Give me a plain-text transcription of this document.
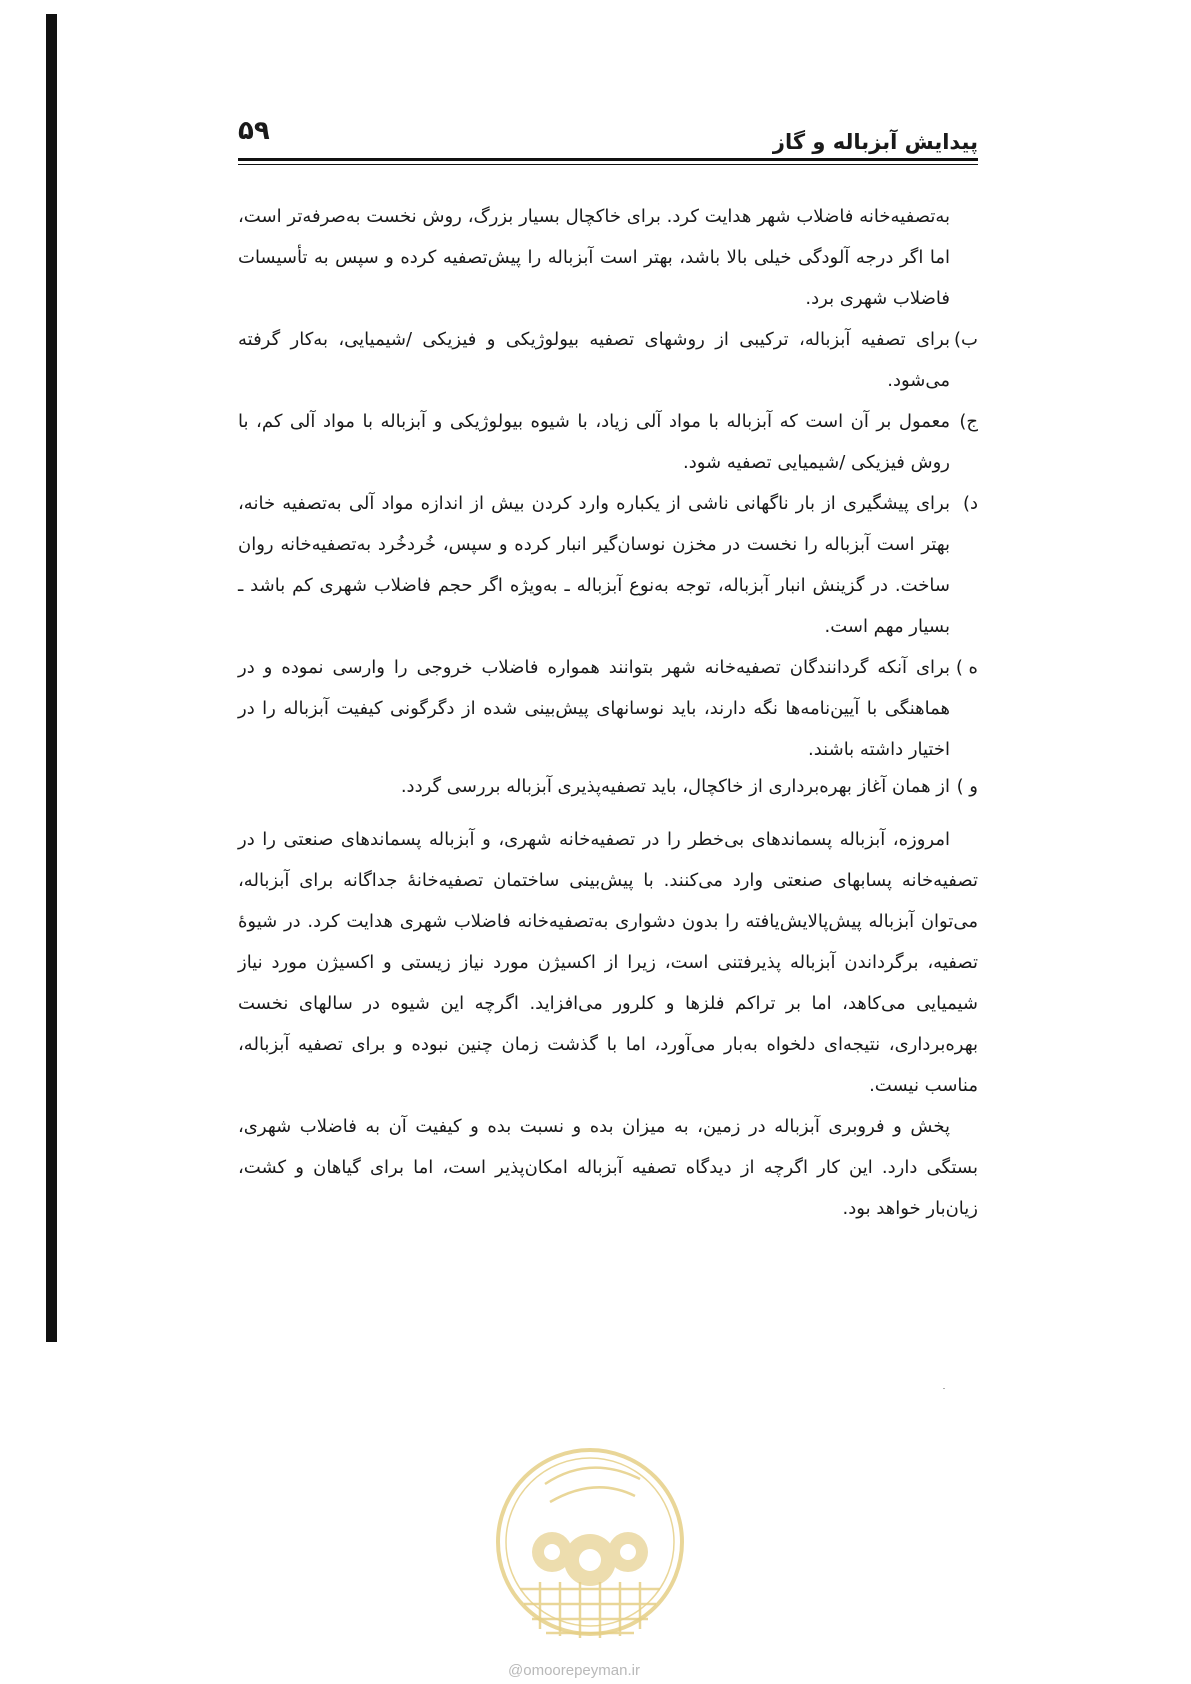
۵۹	پیدایش آبزباله و گاز

به‌تصفیه‌خانه فاضلاب شهر هدایت کرد. برای خاکچال بسیار بزرگ، روش نخست به‌صرفه‌تر است، اما اگر درجه آلودگی خیلی بالا باشد، بهتر است آبزباله را پیش‌تصفیه کرده و سپس به تأسیسات فاضلاب شهری برد.

ب)

برای تصفیه آبزباله، ترکیبی از روشهای تصفیه بیولوژیکی و فیزیکی /شیمیایی، به‌کار گرفته می‌شود.

ج)

معمول بر آن است که آبزباله با مواد آلی زیاد، با شیوه بیولوژیکی و آبزباله با مواد آلی کم، با روش فیزیکی /شیمیایی تصفیه شود.

د)

برای پیشگیری از بار ناگهانی ناشی از یکباره وارد کردن بیش از اندازه مواد آلی به‌تصفیه خانه، بهتر است آبزباله را نخست در مخزن نوسان‌گیر انبار کرده و سپس، خُردخُرد به‌تصفیه‌خانه روان ساخت. در گزینش انبار آبزباله، توجه به‌نوع آبزباله ـ به‌ویژه اگر حجم فاضلاب شهری کم باشد ـ بسیار مهم است.

ه )

برای آنکه گردانندگان تصفیه‌خانه شهر بتوانند همواره فاضلاب خروجی را وارسی نموده و در هماهنگی با آیین‌نامه‌ها نگه دارند، باید نوسانهای پیش‌بینی شده از دگرگونی کیفیت آبزباله را در اختیار داشته باشند.

و )

از همان آغاز بهره‌برداری از خاکچال، باید تصفیه‌پذیری آبزباله بررسی گردد.

امروزه، آبزباله پسماندهای بی‌خطر را در تصفیه‌خانه شهری، و آبزباله پسماندهای صنعتی را در تصفیه‌خانه پسابهای صنعتی وارد می‌کنند. با پیش‌بینی ساختمان تصفیه‌خانهٔ جداگانه برای آبزباله، می‌توان آبزباله پیش‌پالایش‌یافته را بدون دشواری به‌تصفیه‌خانه فاضلاب شهری هدایت کرد. در شیوهٔ تصفیه، برگرداندن آبزباله پذیرفتنی است، زیرا از اکسیژن مورد نیاز زیستی و اکسیژن مورد نیاز شیمیایی می‌کاهد، اما بر تراکم فلزها و کلرور می‌افزاید. اگرچه این شیوه در سالهای نخست بهره‌برداری، نتیجه‌ای دلخواه به‌بار می‌آورد، اما با گذشت زمان چنین نبوده و برای تصفیه آبزباله، مناسب نیست.

پخش و فروبری آبزباله در زمین، به میزان بده و نسبت بده و کیفیت آن به فاضلاب شهری، بستگی دارد. این کار اگرچه از دیدگاه تصفیه آبزباله امکان‌پذیر است، اما برای گیاهان و کشت، زیان‌بار خواهد بود.

@omoorepeyman.ir
